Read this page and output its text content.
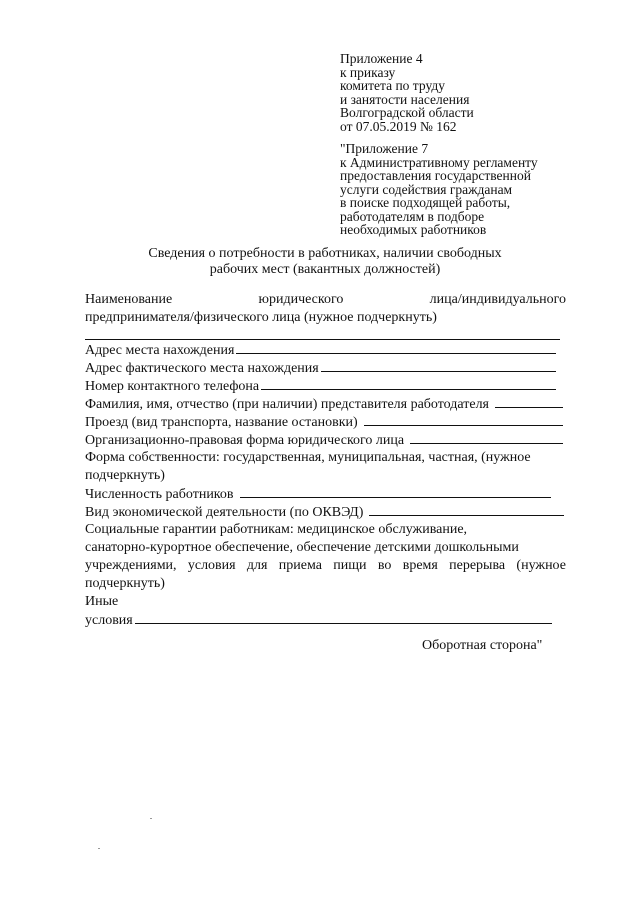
Приложение 4
к приказу
комитета по труду
и занятости населения
Волгоградской области
от 07.05.2019 № 162
"Приложение 7
к Административному регламенту
предоставления государственной
услуги содействия гражданам
в поиске подходящей работы,
работодателям в подборе
необходимых работников
Сведения о потребности в работниках, наличии свободных
рабочих мест (вакантных должностей)
Наименование	юридического	лица/индивидуального
предпринимателя/физического лица (нужное подчеркнуть)
Адрес места нахождения
Адрес фактического места нахождения
Номер контактного телефона
Фамилия, имя, отчество (при наличии) представителя работодателя
Проезд (вид транспорта, название остановки)
Организационно-правовая форма юридического лица
Форма собственности: государственная, муниципальная, частная, (нужное
подчеркнуть)
Численность работников
Вид экономической деятельности (по ОКВЭД)
Социальные гарантии работникам: медицинское обслуживание,
санаторно-курортное обеспечение, обеспечение детскими дошкольными
учреждениями, условия для приема пищи во время перерыва (нужное
подчеркнуть)
Иные
условия
Оборотная сторона"
